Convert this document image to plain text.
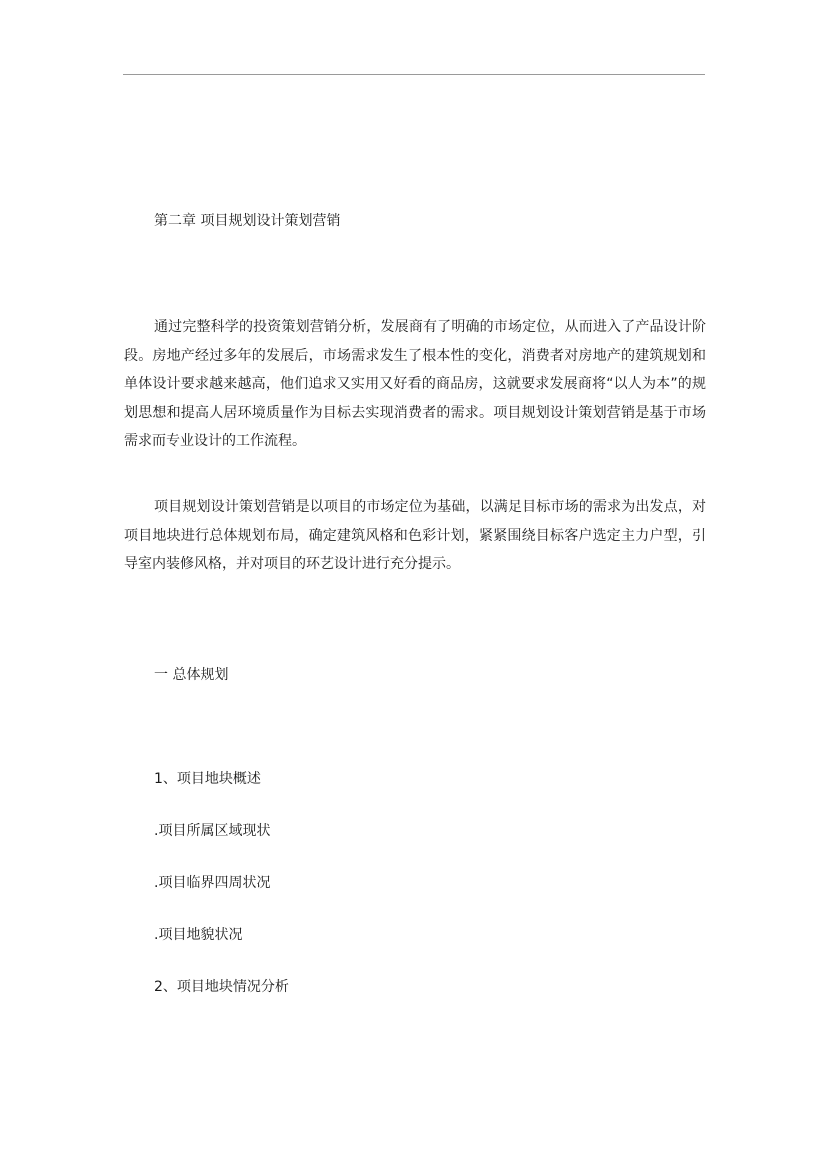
第二章 项目规划设计策划营销

通过完整科学的投资策划营销分析，发展商有了明确的市场定位，从而进入了产品设计阶段。房地产经过多年的发展后，市场需求发生了根本性的变化，消费者对房地产的建筑规划和单体设计要求越来越高，他们追求又实用又好看的商品房，这就要求发展商将“以人为本”的规划思想和提高人居环境质量作为目标去实现消费者的需求。项目规划设计策划营销是基于市场需求而专业设计的工作流程。

项目规划设计策划营销是以项目的市场定位为基础，以满足目标市场的需求为出发点，对项目地块进行总体规划布局，确定建筑风格和色彩计划，紧紧围绕目标客户选定主力户型，引导室内装修风格，并对项目的环艺设计进行充分提示。

一 总体规划
1、项目地块概述
.项目所属区域现状
.项目临界四周状况
.项目地貌状况
2、项目地块情况分析
